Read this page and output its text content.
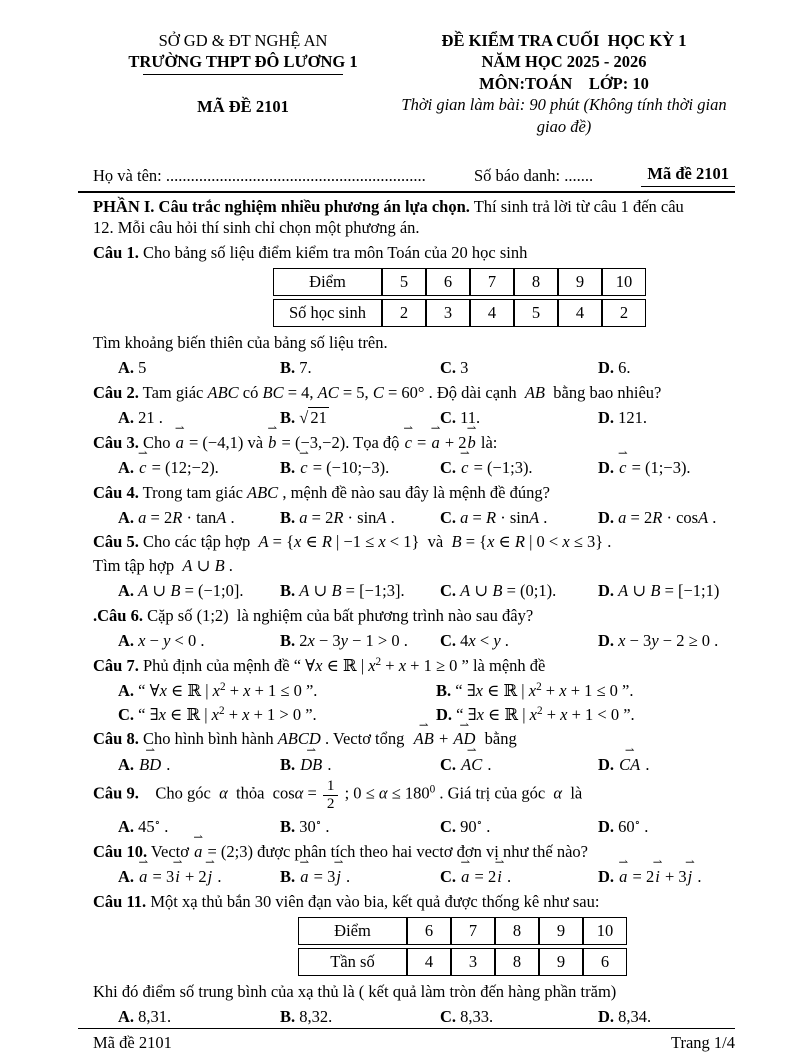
SỞ GD & ĐT NGHỆ AN
TRƯỜNG THPT ĐÔ LƯƠNG 1
MÃ ĐỀ 2101
ĐỀ KIỂM TRA CUỐI  HỌC KỲ 1
NĂM HỌC 2025 - 2026
MÔN:TOÁN    LỚP: 10
Thời gian làm bài: 90 phút (Không tính thời gian giao đề)
Họ và tên: ...............................................................	Số báo danh: .......	Mã đề 2101
PHẦN I. Câu trắc nghiệm nhiều phương án lựa chọn. Thí sinh trả lời từ câu 1 đến câu
12. Mỗi câu hỏi thí sinh chỉ chọn một phương án.
Câu 1. Cho bảng số liệu điểm kiểm tra môn Toán của 20 học sinh
Điểm	5	6	7	8	9	10
Số học sinh	2	3	4	5	4	2
Tìm khoảng biến thiên của bảng số liệu trên.
A. 5	B. 7.	C. 3	D. 6.
Câu 2. Tam giác ABC có BC = 4, AC = 5, C = 60° . Độ dài cạnh  AB  bằng bao nhiêu?
A. 21 .	B. √ 21	C. 11.	D. 121.
Câu 3. Cho a ⇀ = (−4,1) và b ⇀ = (−3,−2). Tọa độ c ⇀ = a ⇀ + 2b ⇀ là:
A. c ⇀ = (12;−2).	B. c ⇀ = (−10;−3).	C. c ⇀ = (−1;3).	D. c ⇀ = (1;−3).
Câu 4. Trong tam giác ABC , mệnh đề nào sau đây là mệnh đề đúng?
A. a = 2R · tanA .	B. a = 2R · sinA .	C. a = R · sinA .	D. a = 2R · cosA .
Câu 5. Cho các tập hợp  A = {x ∈ R | −1 ≤ x < 1}  và  B = {x ∈ R | 0 < x ≤ 3} .
Tìm tập hợp  A ∪ B .
A. A ∪ B = (−1;0].	B. A ∪ B = [−1;3].	C. A ∪ B = (0;1).	D. A ∪ B = [−1;1)
.Câu 6. Cặp số (1;2)  là nghiệm của bất phương trình nào sau đây?
A. x − y < 0 .	B. 2x − 3y − 1 > 0 .	C. 4x < y .	D. x − 3y − 2 ≥ 0 .
Câu 7. Phủ định của mệnh đề “ ∀x ∈ ℝ | $x^2 + x + 1 \ge 0$ ” là mệnh đề
A. “ ∀x ∈ ℝ | $x^2 + x + 1 \le 0$ ”.	B. “ ∃x ∈ ℝ | $x^2 + x + 1 \le 0$ ”.
C. “ ∃x ∈ ℝ | $x^2 + x + 1 > 0$ ”.	D. “ ∃x ∈ ℝ | $x^2 + x + 1 < 0$ ”.
Câu 8. Cho hình bình hành ABCD . Vectơ tổng  AB ⇀ + AD ⇀  bằng
A. BD ⇀ .	B. DB ⇀ .	C. AC ⇀ .	D. CA ⇀ .
Câu 9.    Cho góc  α  thỏa  $\cos\alpha = \frac{1}{2}$ ; $0 \le \alpha \le 180^0$ . Giá trị của góc  α  là
A. 45∘ .	B. 30∘ .	C. 90∘ .	D. 60∘ .
Câu 10. Vectơ a ⇀ = (2;3) được phân tích theo hai vectơ đơn vị như thế nào?
A. a ⇀ = 3i ⇀ + 2j ⇀ .	B. a ⇀ = 3j ⇀ .	C. a ⇀ = 2i ⇀ .	D. a ⇀ = 2i ⇀ + 3j ⇀ .
Câu 11. Một xạ thủ bắn 30 viên đạn vào bia, kết quả được thống kê như sau:
Điểm	6	7	8	9	10
Tần số	4	3	8	9	6
Khi đó điểm số trung bình của xạ thủ là ( kết quả làm tròn đến hàng phần trăm)
A. 8,31.	B. 8,32.	C. 8,33.	D. 8,34.
Mã đề 2101	Trang 1/4
